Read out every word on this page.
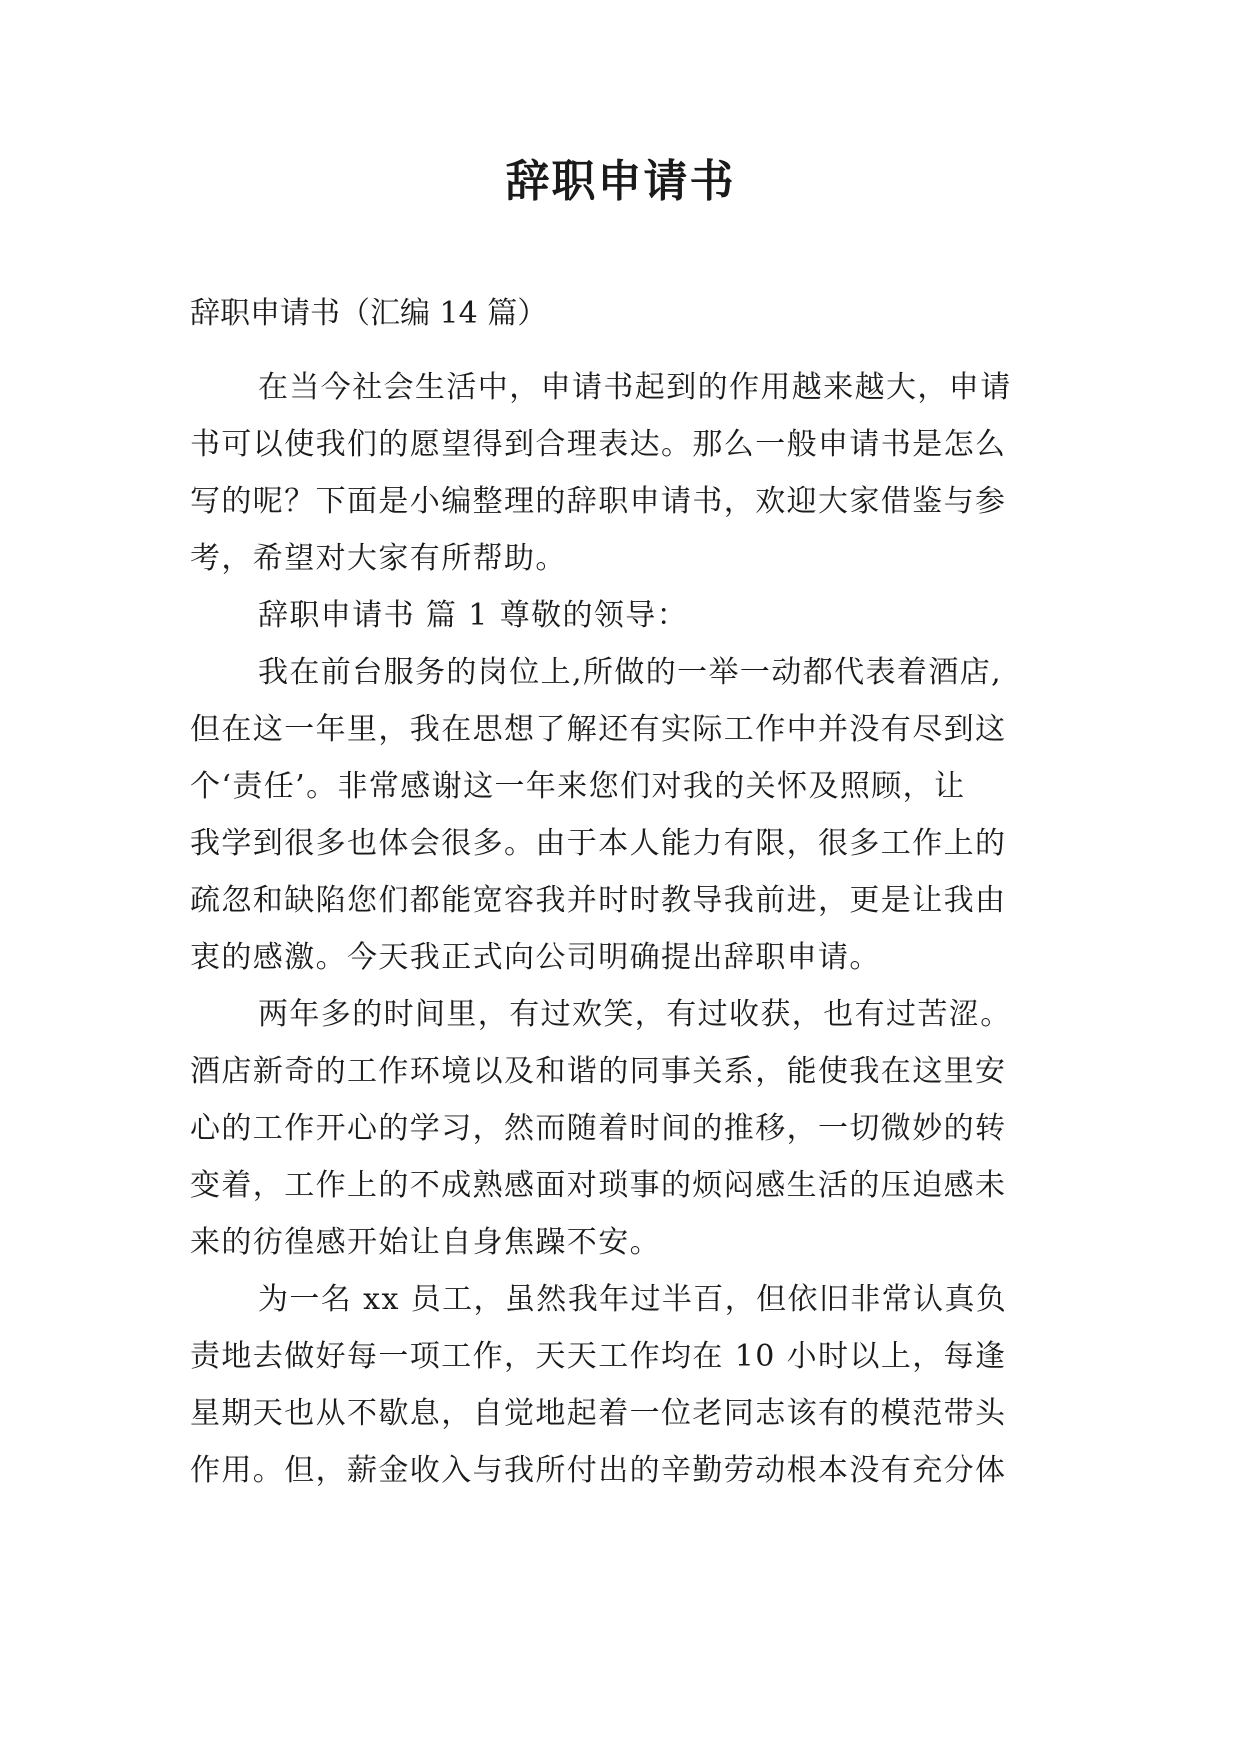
辞职申请书

辞职申请书（汇编 14 篇）

在当今社会生活中，申请书起到的作用越来越大，申请

书可以使我们的愿望得到合理表达。那么一般申请书是怎么

写的呢？下面是小编整理的辞职申请书，欢迎大家借鉴与参

考，希望对大家有所帮助。

辞职申请书 篇 1 尊敬的领导：

我在前台服务的岗位上,所做的一举一动都代表着酒店,

但在这一年里，我在思想了解还有实际工作中并没有尽到这

个‘责任’。非常感谢这一年来您们对我的关怀及照顾，让

我学到很多也体会很多。由于本人能力有限，很多工作上的

疏忽和缺陷您们都能宽容我并时时教导我前进，更是让我由

衷的感激。今天我正式向公司明确提出辞职申请。

两年多的时间里，有过欢笑，有过收获，也有过苦涩。

酒店新奇的工作环境以及和谐的同事关系，能使我在这里安

心的工作开心的学习，然而随着时间的推移，一切微妙的转

变着，工作上的不成熟感面对琐事的烦闷感生活的压迫感未

来的彷徨感开始让自身焦躁不安。

为一名 xx 员工，虽然我年过半百，但依旧非常认真负

责地去做好每一项工作，天天工作均在 10 小时以上，每逢

星期天也从不歇息，自觉地起着一位老同志该有的模范带头

作用。但，薪金收入与我所付出的辛勤劳动根本没有充分体
